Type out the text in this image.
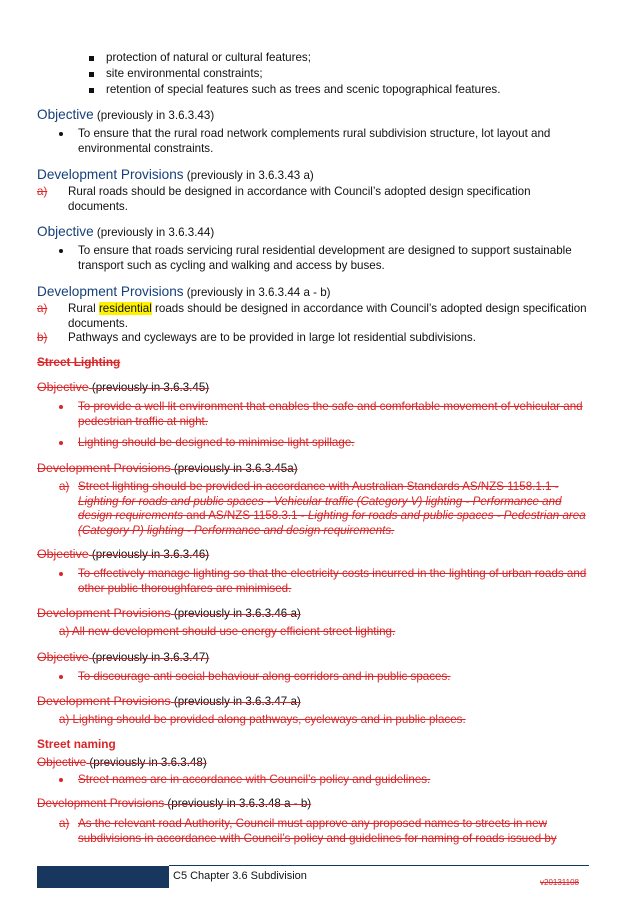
protection of natural or cultural features;
site environmental constraints;
retention of special features such as trees and scenic topographical features.
Objective (previously in 3.6.3.43)
To ensure that the rural road network complements rural subdivision structure, lot layout and environmental constraints.
Development Provisions (previously in 3.6.3.43 a)
a) Rural roads should be designed in accordance with Council’s adopted design specification documents.
Objective (previously in 3.6.3.44)
To ensure that roads servicing rural residential development are designed to support sustainable transport such as cycling and walking and access by buses.
Development Provisions (previously in 3.6.3.44 a - b)
a) Rural residential roads should be designed in accordance with Council’s adopted design specification documents.
b) Pathways and cycleways are to be provided in large lot residential subdivisions.
Street Lighting
Objective (previously in 3.6.3.45)
To provide a well lit environment that enables the safe and comfortable movement of vehicular and pedestrian traffic at night.
Lighting should be designed to minimise light spillage.
Development Provisions (previously in 3.6.3.45a)
a) Street lighting should be provided in accordance with Australian Standards AS/NZS 1158.1.1 - Lighting for roads and public spaces - Vehicular traffic (Category V) lighting - Performance and design requirements and AS/NZS 1158.3.1 - Lighting for roads and public spaces - Pedestrian area (Category P) lighting - Performance and design requirements.
Objective (previously in 3.6.3.46)
To effectively manage lighting so that the electricity costs incurred in the lighting of urban roads and other public thoroughfares are minimised.
Development Provisions (previously in 3.6.3.46 a)
a) All new development should use energy efficient street lighting.
Objective (previously in 3.6.3.47)
To discourage anti social behaviour along corridors and in public spaces.
Development Provisions (previously in 3.6.3.47 a)
a) Lighting should be provided along pathways, cycleways and in public places.
Street naming
Objective (previously in 3.6.3.48)
Street names are in accordance with Council’s policy and guidelines.
Development Provisions (previously in 3.6.3.48 a - b)
a) As the relevant road Authority, Council must approve any proposed names to streets in new subdivisions in accordance with Council’s policy and guidelines for naming of roads issued by
C5 Chapter 3.6 Subdivision
v20131108
